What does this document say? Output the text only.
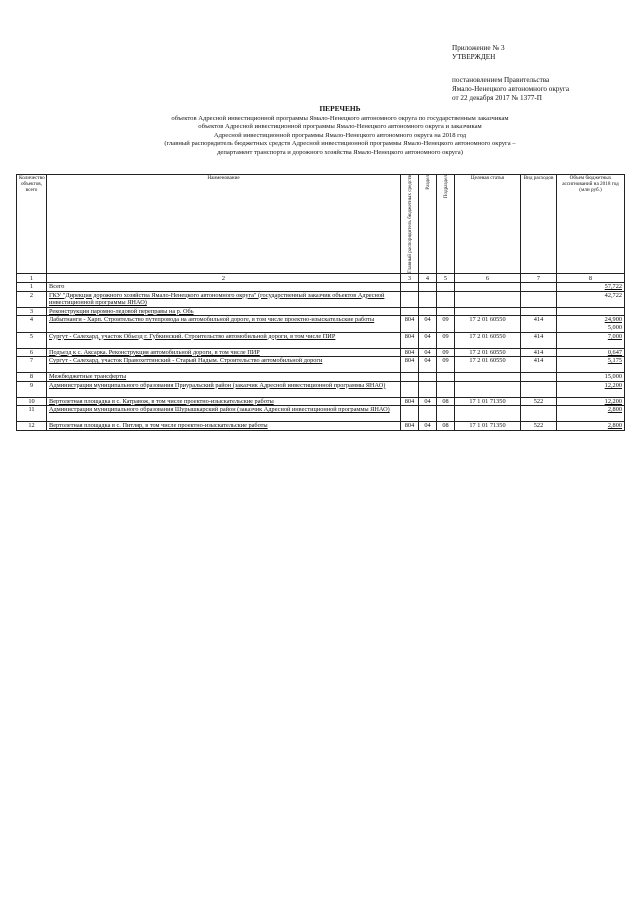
Приложение № 3
УТВЕРЖДЕН
постановлением Правительства
Ямало-Ненецкого автономного округа
от 22 декабря 2017 № 1377-П
ПЕРЕЧЕНЬ
объектов Адресной инвестиционной программы Ямало-Ненецкого автономного округа по государственным заказчикам
объектов Адресной инвестиционной программы Ямало-Ненецкого автономного округа и заказчикам
Адресной инвестиционной программы Ямало-Ненецкого автономного округа на 2018 год
(главный распорядитель бюджетных средств Адресной инвестиционной программы Ямало-Ненецкого автономного округа –
департамент транспорта и дорожного хозяйства Ямало-Ненецкого автономного округа)
Количество объектов, всего	Наименование	Главный распорядитель бюджетных средств	Раздел	Подраздел	Целевая статья	Вид расходов	Объем бюджетных ассигнований на 2018 год (млн руб.)
1	2	3	4	5	6	7	8
1	Всего						57,722

2	ГКУ "Дирекция дорожного хозяйства Ямало-Ненецкого автономного округа" (государственный заказчик объектов Адресной инвестиционной программы ЯНАО)						42,722

3	Реконструкция паромно-ледовой переправы на р. Обь						

4	Лабытнанги - Харп. Строительство путепровода на автомобильной дороге, в том числе проектно-изыскательские работы	804	04	09	17 2 01 60550	414	24,900
5,000

5	Сургут - Салехард, участок Обьезд г. Губкинский. Строительство автомобильной дороги, в том числе ПИР	804	04	09	17 2 01 60550	414	7,000

6	Подъезд к с. Аксарка. Реконструкция автомобильной дороги, в том числе ПИР	804	04	09	17 2 01 60550	414	0,647

7	Сургут - Салехард, участок Правохеттинский - Старый Надым. Строительство автомобильной дороги	804	04	09	17 2 01 60550	414	5,175

8	Межбюджетные трансферты						15,000

9	Администрация муниципального образования Приуральский район (заказчик Адресной инвестиционной программы ЯНАО)						12,200

10	Вертолетная площадка в с. Катравож, в том числе проектно-изыскательские работы	804	04	08	17 1 01 71350	522	12,200

11	Администрация муниципального образования Шурышкарский район (заказчик Адресной инвестиционной программы ЯНАО)						2,800

12	Вертолетная площадка в с. Питляр, в том числе проектно-изыскательские работы	804	04	08	17 1 01 71350	522	2,800
